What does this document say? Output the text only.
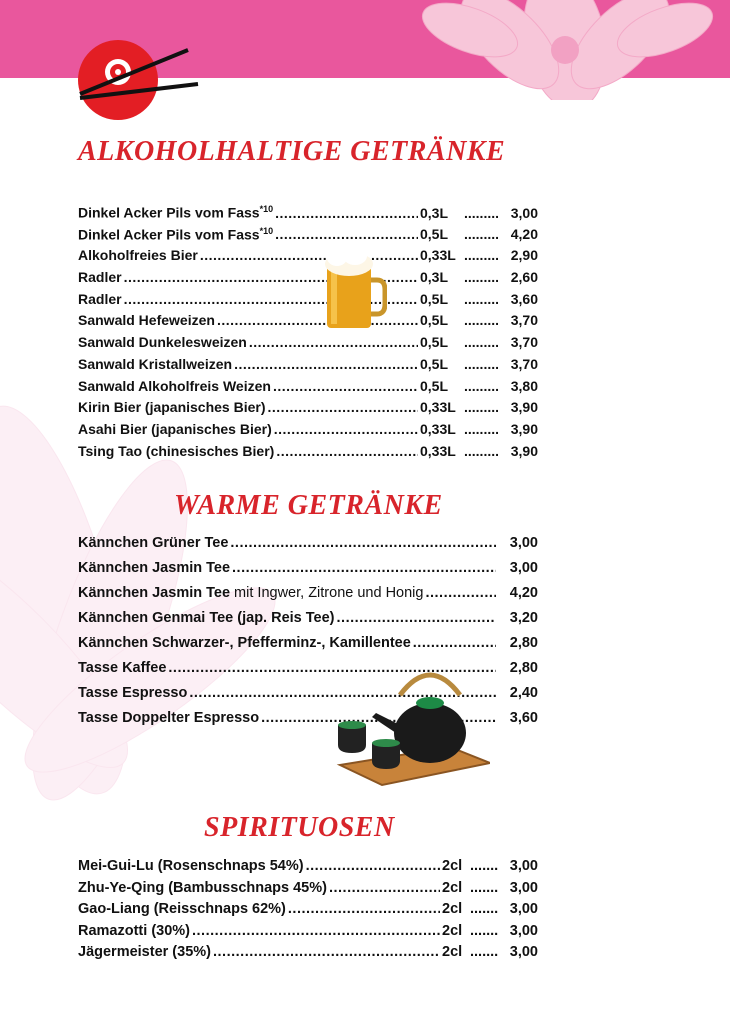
ALKOHOLHALTIGE GETRÄNKE
Dinkel Acker Pils vom Fass$^{*10}$ .....	0,3L .....	3,00
Dinkel Acker Pils vom Fass$^{*10}$ .....	0,5L .....	4,20
Alkoholfreies Bier .....	0,33L .....	2,90
Radler .....	0,3L .....	2,60
Radler .....	0,5L .....	3,60
Sanwald Hefeweizen .....	0,5L .....	3,70
Sanwald Dunkelesweizen .....	0,5L .....	3,70
Sanwald Kristallweizen .....	0,5L .....	3,70
Sanwald Alkoholfreis Weizen .....	0,5L .....	3,80
Kirin Bier (japanisches Bier) .....	0,33L .....	3,90
Asahi Bier (japanisches Bier) .....	0,33L .....	3,90
Tsing Tao (chinesisches Bier) .....	0,33L .....	3,90
WARME GETRÄNKE
Kännchen Grüner Tee .....	3,00
Kännchen Jasmin Tee .....	3,00
Kännchen Jasmin Tee mit Ingwer, Zitrone und Honig .....	4,20
Kännchen Genmai Tee (jap. Reis Tee) .....	3,20
Kännchen Schwarzer-, Pfefferminz-, Kamillentee .....	2,80
Tasse Kaffee .....	2,80
Tasse Espresso .....	2,40
Tasse Doppelter Espresso .....	3,60
SPIRITUOSEN
Mei-Gui-Lu (Rosenschnaps 54%) .....	2cl .....	3,00
Zhu-Ye-Qing (Bambusschnaps 45%) .....	2cl .....	3,00
Gao-Liang (Reisschnaps 62%) .....	2cl .....	3,00
Ramazotti (30%) .....	2cl .....	3,00
Jägermeister (35%) .....	2cl .....	3,00
